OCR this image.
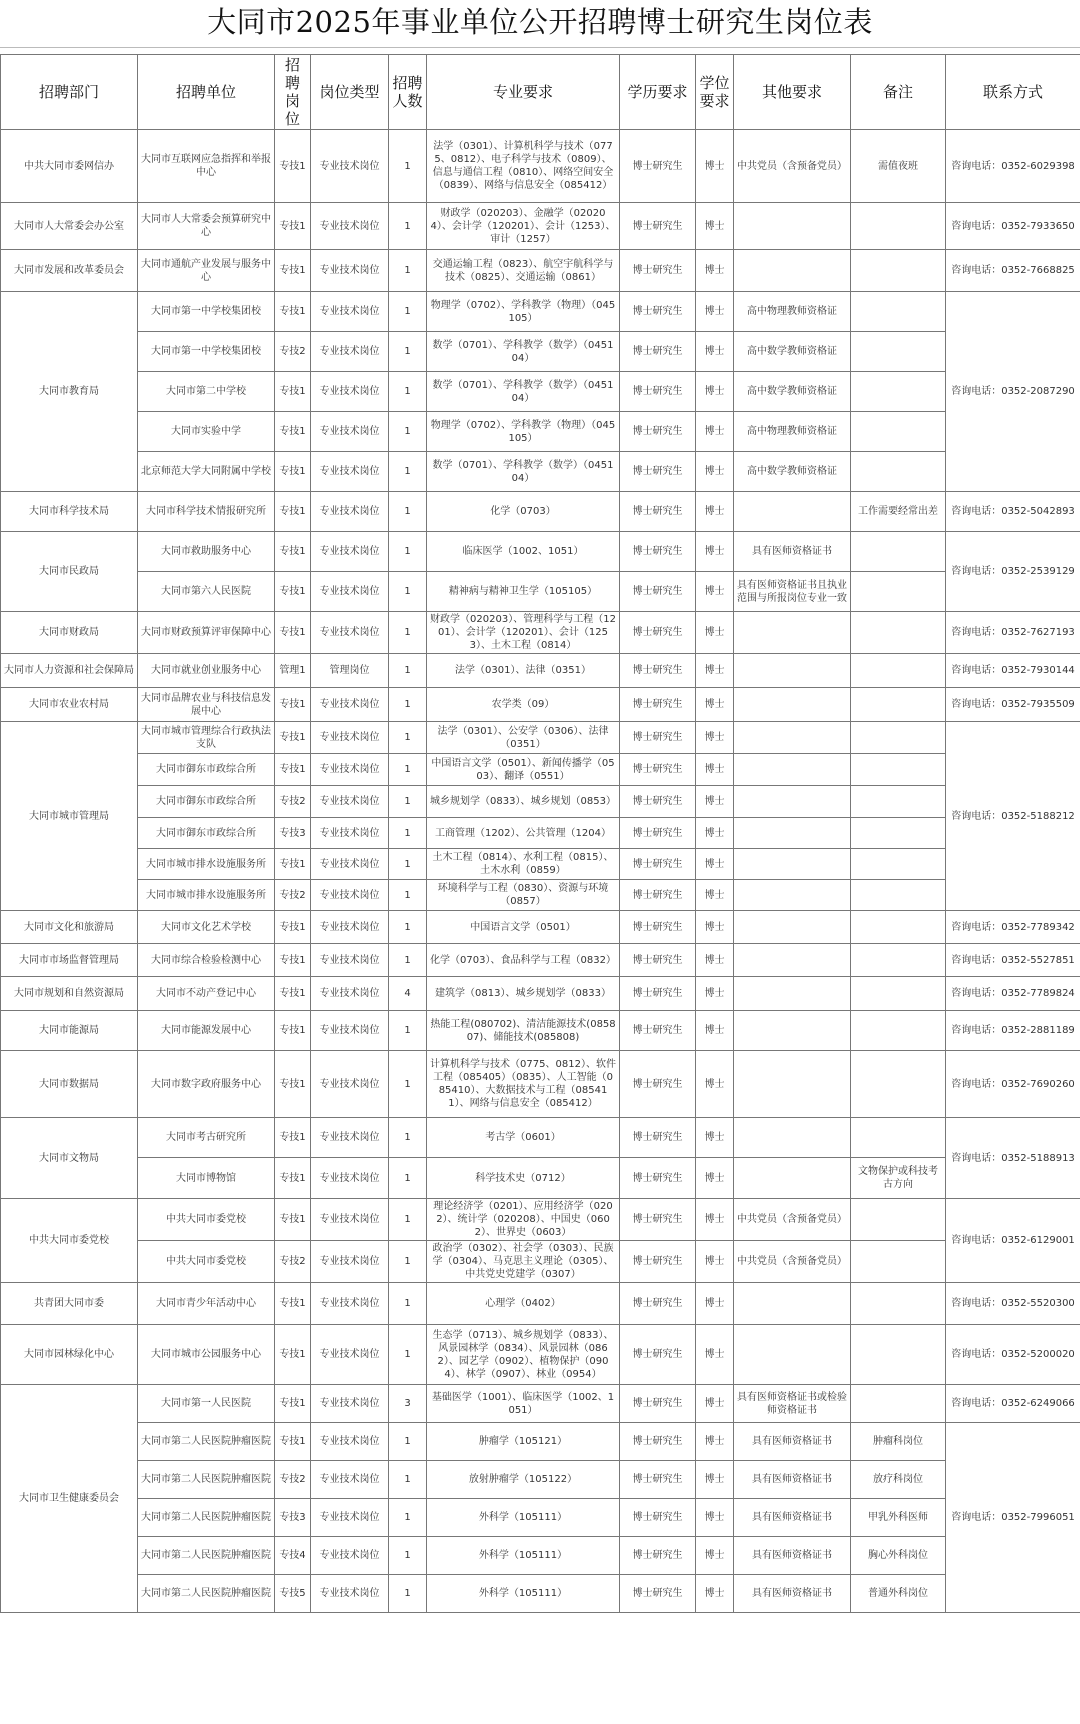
大同市2025年事业单位公开招聘博士研究生岗位表
招聘部门	招聘单位	招聘岗位	岗位类型	招聘人数	专业要求	学历要求	学位要求	其他要求	备注	联系方式
中共大同市委网信办	大同市互联网应急指挥和举报中心	专技1	专业技术岗位	1	法学（0301）、计算机科学与技术（0775、0812）、电子科学与技术（0809）、信息与通信工程（0810）、网络空间安全（0839）、网络与信息安全（085412）	博士研究生	博士	中共党员（含预备党员）	需值夜班	咨询电话：0352-6029398
大同市人大常委会办公室	大同市人大常委会预算研究中心	专技1	专业技术岗位	1	财政学（020203）、金融学（020204）、会计学（120201）、会计（1253）、审计（1257）	博士研究生	博士			咨询电话：0352-7933650
大同市发展和改革委员会	大同市通航产业发展与服务中心	专技1	专业技术岗位	1	交通运输工程（0823）、航空宇航科学与技术（0825）、交通运输（0861）	博士研究生	博士			咨询电话：0352-7668825
大同市教育局	大同市第一中学校集团校	专技1	专业技术岗位	1	物理学（0702）、学科教学（物理）（045105）	博士研究生	博士	高中物理教师资格证		咨询电话：0352-2087290
	大同市第一中学校集团校	专技2	专业技术岗位	1	数学（0701）、学科教学（数学）（045104）	博士研究生	博士	高中数学教师资格证		
	大同市第二中学校	专技1	专业技术岗位	1	数学（0701）、学科教学（数学）（045104）	博士研究生	博士	高中数学教师资格证		
	大同市实验中学	专技1	专业技术岗位	1	物理学（0702）、学科教学（物理）（045105）	博士研究生	博士	高中物理教师资格证		
	北京师范大学大同附属中学校	专技1	专业技术岗位	1	数学（0701）、学科教学（数学）（045104）	博士研究生	博士	高中数学教师资格证		
大同市科学技术局	大同市科学技术情报研究所	专技1	专业技术岗位	1	化学（0703）	博士研究生	博士		工作需要经常出差	咨询电话：0352-5042893
大同市民政局	大同市救助服务中心	专技1	专业技术岗位	1	临床医学（1002、1051）	博士研究生	博士	具有医师资格证书		咨询电话：0352-2539129
	大同市第六人民医院	专技1	专业技术岗位	1	精神病与精神卫生学（105105）	博士研究生	博士	具有医师资格证书且执业范围与所报岗位专业一致		
大同市财政局	大同市财政预算评审保障中心	专技1	专业技术岗位	1	财政学（020203）、管理科学与工程（1201）、会计学（120201）、会计（1253）、土木工程（0814）	博士研究生	博士			咨询电话：0352-7627193
大同市人力资源和社会保障局	大同市就业创业服务中心	管理1	管理岗位	1	法学（0301）、法律（0351）	博士研究生	博士			咨询电话：0352-7930144
大同市农业农村局	大同市品牌农业与科技信息发展中心	专技1	专业技术岗位	1	农学类（09）	博士研究生	博士			咨询电话：0352-7935509
大同市城市管理局	大同市城市管理综合行政执法支队	专技1	专业技术岗位	1	法学（0301）、公安学（0306）、法律（0351）	博士研究生	博士			咨询电话：0352-5188212
	大同市御东市政综合所	专技1	专业技术岗位	1	中国语言文学（0501）、新闻传播学（0503）、翻译（0551）	博士研究生	博士			
	大同市御东市政综合所	专技2	专业技术岗位	1	城乡规划学（0833）、城乡规划（0853）	博士研究生	博士			
	大同市御东市政综合所	专技3	专业技术岗位	1	工商管理（1202）、公共管理（1204）	博士研究生	博士			
	大同市城市排水设施服务所	专技1	专业技术岗位	1	土木工程（0814）、水利工程（0815）、土木水利（0859）	博士研究生	博士			
	大同市城市排水设施服务所	专技2	专业技术岗位	1	环境科学与工程（0830）、资源与环境（0857）	博士研究生	博士			
大同市文化和旅游局	大同市文化艺术学校	专技1	专业技术岗位	1	中国语言文学（0501）	博士研究生	博士			咨询电话：0352-7789342
大同市市场监督管理局	大同市综合检验检测中心	专技1	专业技术岗位	1	化学（0703）、食品科学与工程（0832）	博士研究生	博士			咨询电话：0352-5527851
大同市规划和自然资源局	大同市不动产登记中心	专技1	专业技术岗位	4	建筑学（0813）、城乡规划学（0833）	博士研究生	博士			咨询电话：0352-7789824
大同市能源局	大同市能源发展中心	专技1	专业技术岗位	1	热能工程(080702)、清洁能源技术(085807)、储能技术(085808)	博士研究生	博士			咨询电话：0352-2881189
大同市数据局	大同市数字政府服务中心	专技1	专业技术岗位	1	计算机科学与技术（0775、0812）、软件工程（085405）（0835）、人工智能（085410）、大数据技术与工程（085411）、网络与信息安全（085412）	博士研究生	博士			咨询电话：0352-7690260
大同市文物局	大同市考古研究所	专技1	专业技术岗位	1	考古学（0601）	博士研究生	博士			咨询电话：0352-5188913
	大同市博物馆	专技1	专业技术岗位	1	科学技术史（0712）	博士研究生	博士		文物保护或科技考古方向	
中共大同市委党校	中共大同市委党校	专技1	专业技术岗位	1	理论经济学（0201）、应用经济学（0202）、统计学（020208）、中国史（0602）、世界史（0603）	博士研究生	博士	中共党员（含预备党员）		咨询电话：0352-6129001
	中共大同市委党校	专技2	专业技术岗位	1	政治学（0302）、社会学（0303）、民族学（0304）、马克思主义理论（0305）、中共党史党建学（0307）	博士研究生	博士	中共党员（含预备党员）		
共青团大同市委	大同市青少年活动中心	专技1	专业技术岗位	1	心理学（0402）	博士研究生	博士			咨询电话：0352-5520300
大同市园林绿化中心	大同市城市公园服务中心	专技1	专业技术岗位	1	生态学（0713）、城乡规划学（0833）、风景园林学（0834）、风景园林（0862）、园艺学（0902）、植物保护（0904）、林学（0907）、林业（0954）	博士研究生	博士			咨询电话：0352-5200020
大同市卫生健康委员会	大同市第一人民医院	专技1	专业技术岗位	3	基础医学（1001）、临床医学（1002、1051）	博士研究生	博士	具有医师资格证书或检验师资格证书		咨询电话：0352-6249066
	大同市第二人民医院肿瘤医院	专技1	专业技术岗位	1	肿瘤学（105121）	博士研究生	博士	具有医师资格证书	肿瘤科岗位	咨询电话：0352-7996051
	大同市第二人民医院肿瘤医院	专技2	专业技术岗位	1	放射肿瘤学（105122）	博士研究生	博士	具有医师资格证书	放疗科岗位	
	大同市第二人民医院肿瘤医院	专技3	专业技术岗位	1	外科学（105111）	博士研究生	博士	具有医师资格证书	甲乳外科医师	
	大同市第二人民医院肿瘤医院	专技4	专业技术岗位	1	外科学（105111）	博士研究生	博士	具有医师资格证书	胸心外科岗位	
	大同市第二人民医院肿瘤医院	专技5	专业技术岗位	1	外科学（105111）	博士研究生	博士	具有医师资格证书	普通外科岗位	
